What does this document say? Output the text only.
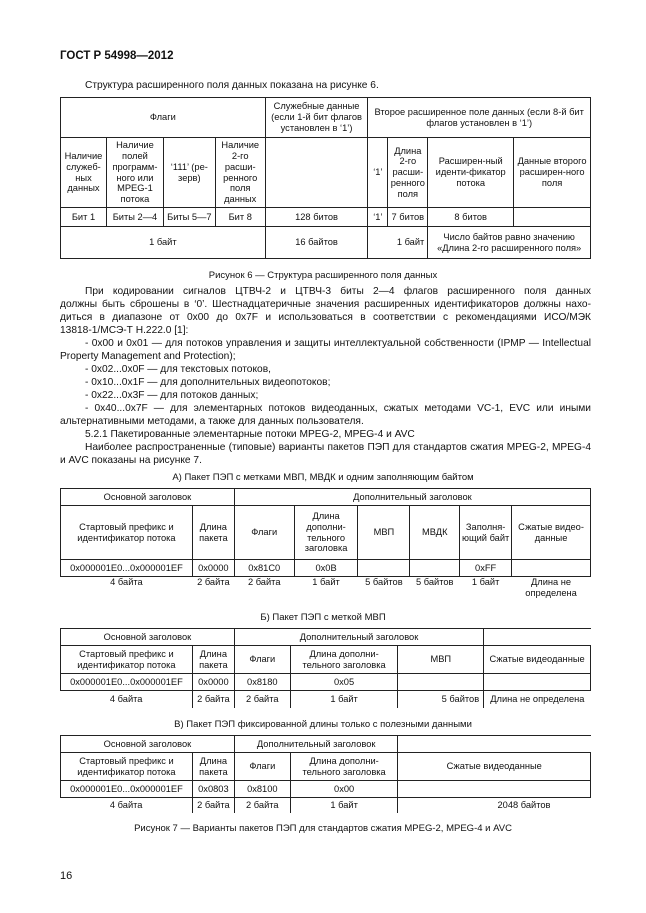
ГОСТ Р 54998—2012
Структура расширенного поля данных показана на рисунке 6.
Флаги				Служебные данные (если 1-й бит флагов установлен в ‘1’)	Второе расширенное поле данных (если 8-й бит флагов установлен в ‘1’)			
Наличие служеб-ных данных	Наличие полей программ-ного или MPEG-1 потока	‘111’ (ре-зерв)	Наличие 2-го расши-ренного поля данных		‘1’	Длина 2-го расши-ренного поля	Расширен-ный иденти-фикатор потока	Данные второго расширен-ного поля
Бит 1	Биты 2—4	Биты 5—7	Бит 8	128 битов	‘1’	7 битов	8 битов	
1 байт				16 байтов	1 байт		Число байтов равно значению «Длина 2-го расширенного поля»	
Рисунок 6 — Структура расширенного поля данных
При кодировании сигналов ЦТВЧ-2 и ЦТВЧ-3 биты 2—4 флагов расширенного поля данных
должны быть сброшены в ‘0’. Шестнадцатеричные значения расширенных идентификаторов должны нахо-
диться в диапазоне от 0x00 до 0x7F и использоваться в соответствии с рекомендациями ИСО/МЭК
13818-1/МСЭ-Т Н.222.0 [1]:
- 0x00 и 0x01 — для потоков управления и защиты интеллектуальной собственности (IPMP — Intellectual
Property Management and Protection);
- 0x02...0x0F — для текстовых потоков,
- 0x10...0x1F — для дополнительных видеопотоков;
- 0x22...0x3F — для потоков данных;
- 0x40...0x7F — для элементарных потоков видеоданных, сжатых методами VC-1, EVC или иными
альтернативными методами, а также для данных пользователя.
5.2.1 Пакетированные элементарные потоки MPEG-2, MPEG-4 и AVC
Наиболее распространенные (типовые) варианты пакетов ПЭП для стандартов сжатия MPEG-2, MPEG-4
и AVC показаны на рисунке 7.
А) Пакет ПЭП с метками МВП, МВДК и одним заполняющим байтом
Основной заголовок		Дополнительный заголовок					
Стартовый префикс и идентификатор потока	Длина пакета	Флаги	Длина дополни-тельного заголовка	МВП	МВДК	Заполня-ющий байт	Сжатые видео-данные
0x000001E0...0x000001EF	0x0000	0x81C0	0x0B			0xFF	
4 байта	2 байта	2 байта	1 байт	5 байтов	5 байтов	1 байт	Длина не определена
Б) Пакет ПЭП с меткой МВП
Основной заголовок		Дополнительный заголовок			
Стартовый префикс и идентификатор потока	Длина пакета	Флаги	Длина дополни-тельного заголовка	МВП	Сжатые видеоданные
0x000001E0...0x000001EF	0x0000	0x8180	0x05		
4 байта	2 байта	2 байта	1 байт	5 байтов	Длина не определена
В) Пакет ПЭП фиксированной длины только с полезными данными
Основной заголовок		Дополнительный заголовок		
Стартовый префикс и идентификатор потока	Длина пакета	Флаги	Длина дополни-тельного заголовка	Сжатые видеоданные
0x000001E0...0x000001EF	0x0803	0x8100	0x00	
4 байта	2 байта	2 байта	1 байт	2048 байтов
Рисунок 7 — Варианты пакетов ПЭП для стандартов сжатия MPEG-2, MPEG-4 и AVC
16
